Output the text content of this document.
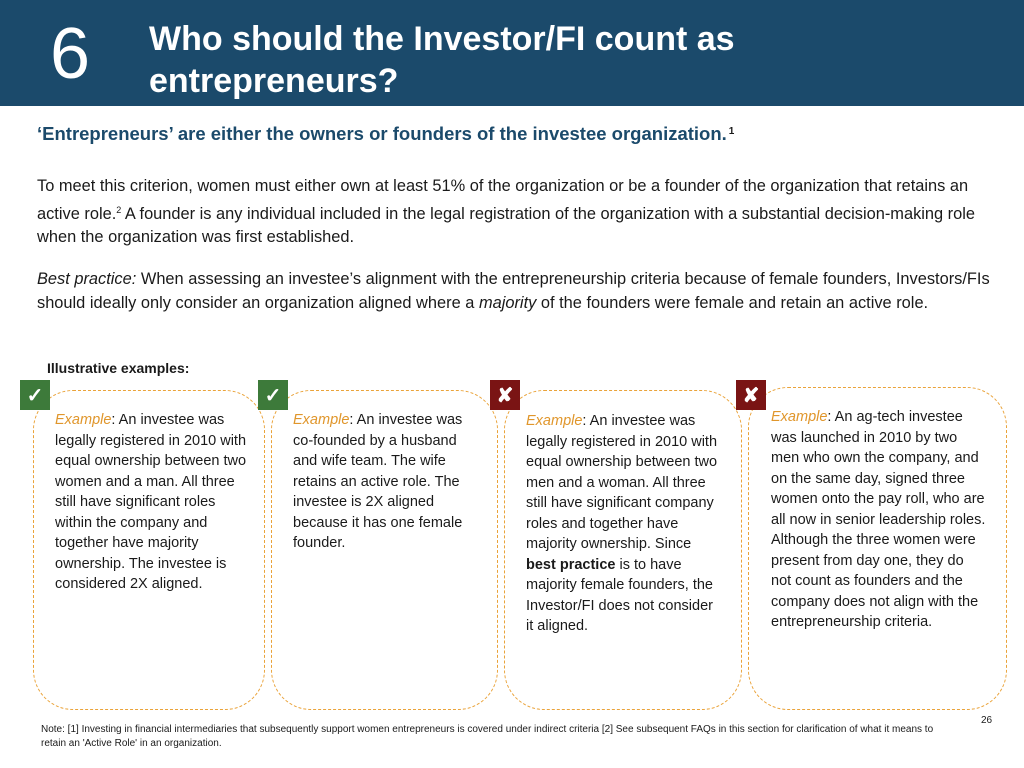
6 Who should the Investor/FI count as entrepreneurs?
‘Entrepreneurs’ are either the owners or founders of the investee organization. $^1$
To meet this criterion, women must either own at least 51% of the organization or be a founder of the organization that retains an active role.$^2$ A founder is any individual included in the legal registration of the organization with a substantial decision-making role when the organization was first established.
Best practice: When assessing an investee’s alignment with the entrepreneurship criteria because of female founders, Investors/FIs should ideally only consider an organization aligned where a majority of the founders were female and retain an active role.
Illustrative examples:
✓
Example: An investee was legally registered in 2010 with equal ownership between two women and a man. All three still have significant roles within the company and together have majority ownership. The investee is considered 2X aligned.
✓
Example: An investee was co-founded by a husband and wife team. The wife retains an active role. The investee is 2X aligned because it has one female founder.
✘
Example: An investee was legally registered in 2010 with equal ownership between two men and a woman. All three still have significant company roles and together have majority ownership. Since best practice is to have majority female founders, the Investor/FI does not consider it aligned.
✘
Example: An ag-tech investee was launched in 2010 by two men who own the company, and on the same day, signed three women onto the pay roll, who are all now in senior leadership roles. Although the three women were present from day one, they do not count as founders and the company does not align with the entrepreneurship criteria.
26
Note: [1] Investing in financial intermediaries that subsequently support women entrepreneurs is covered under indirect criteria [2] See subsequent FAQs in this section for clarification of what it means to retain an 'Active Role' in an organization.
